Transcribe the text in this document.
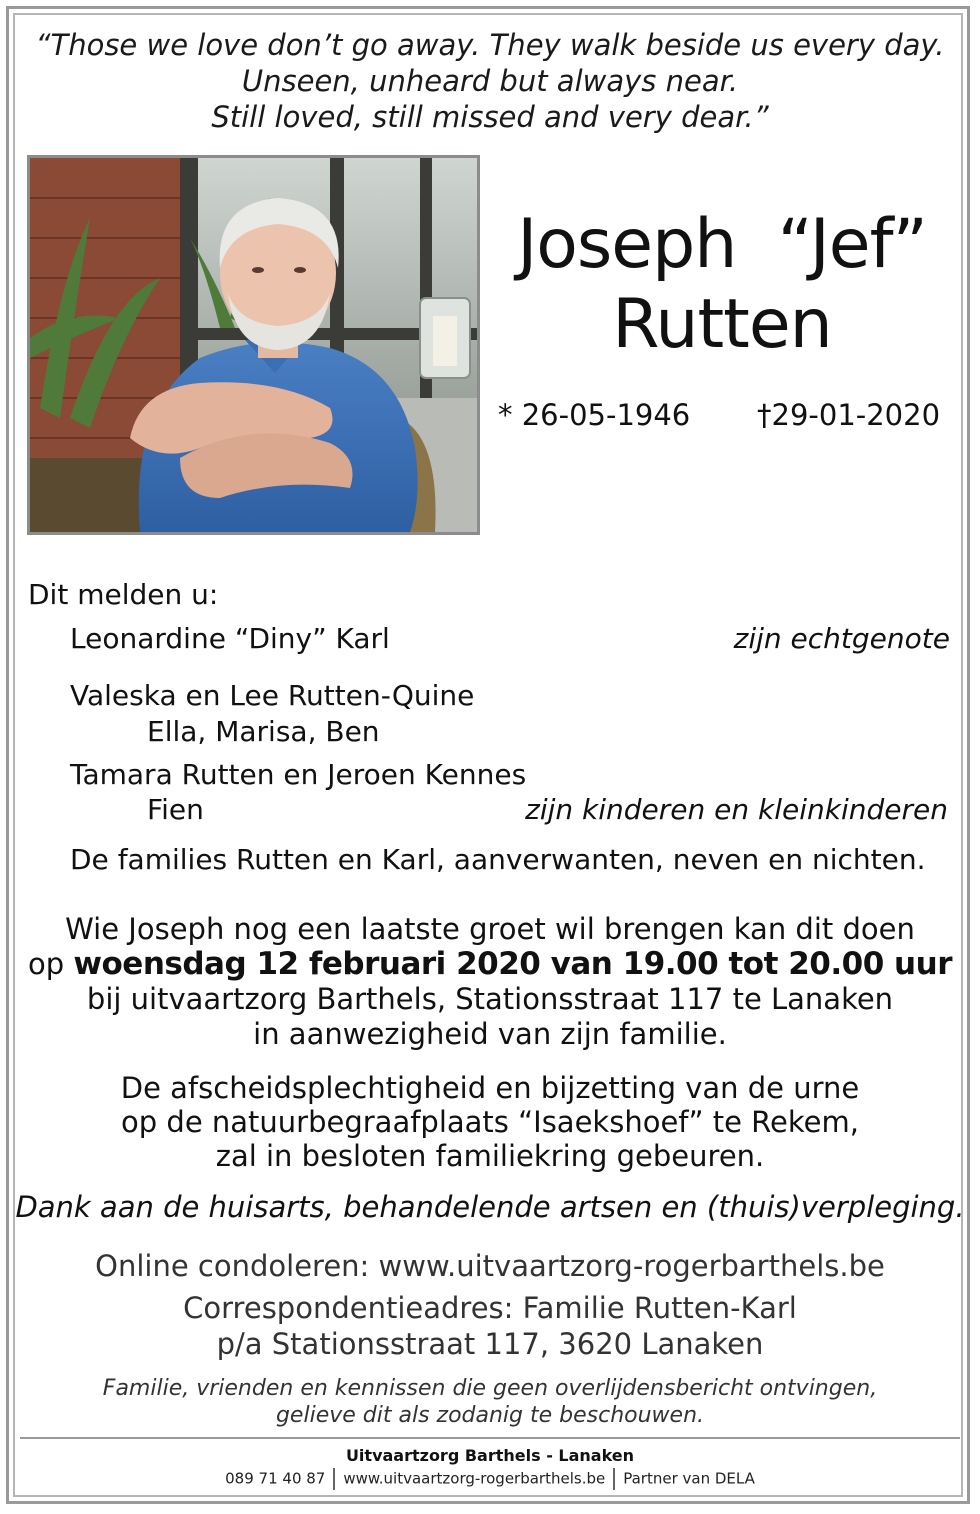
“Those we love don’t go away. They walk beside us every day.
Unseen, unheard but always near.
Still loved, still missed and very dear.”
Joseph  “Jef”
Rutten
* 26-05-1946 †29-01-2020
Dit melden u:
Leonardine “Diny” Karl	zijn echtgenote
Valeska en Lee Rutten-Quine
Ella, Marisa, Ben
Tamara Rutten en Jeroen Kennes
Fien	zijn kinderen en kleinkinderen
De families Rutten en Karl, aanverwanten, neven en nichten.
Wie Joseph nog een laatste groet wil brengen kan dit doen
op woensdag 12 februari 2020 van 19.00 tot 20.00 uur
bij uitvaartzorg Barthels, Stationsstraat 117 te Lanaken
in aanwezigheid van zijn familie.
De afscheidsplechtigheid en bijzetting van de urne
op de natuurbegraafplaats “Isaekshoef” te Rekem,
zal in besloten familiekring gebeuren.
Dank aan de huisarts, behandelende artsen en (thuis)verpleging.
Online condoleren: www.uitvaartzorg-rogerbarthels.be
Correspondentieadres: Familie Rutten-Karl
p/a Stationsstraat 117, 3620 Lanaken
Familie, vrienden en kennissen die geen overlijdensbericht ontvingen,
gelieve dit als zodanig te beschouwen.
Uitvaartzorg Barthels - Lanaken
089 71 40 87 www.uitvaartzorg-rogerbarthels.be Partner van DELA
